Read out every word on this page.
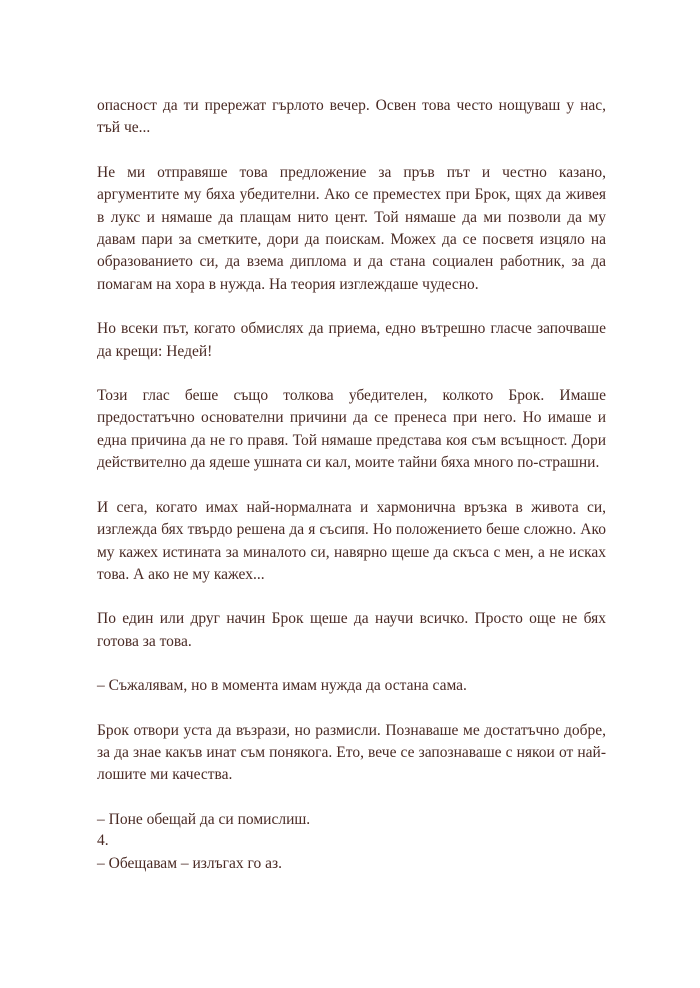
опасност да ти прережат гърлото вечер. Освен това често нощуваш у нас, тъй че...

Не ми отправяше това предложение за пръв път и честно казано, аргументите му бяха убедителни. Ако се преместех при Брок, щях да живея в лукс и нямаше да плащам нито цент. Той нямаше да ми позволи да му давам пари за сметките, дори да поискам. Можех да се посветя изцяло на образованието си, да взема диплома и да стана социален работник, за да помагам на хора в нужда. На теория изглеждаше чудесно.

Но всеки път, когато обмислях да приема, едно вътрешно гласче започваше да крещи: Недей!

Този глас беше също толкова убедителен, колкото Брок. Имаше предостатъчно основателни причини да се пренеса при него. Но имаше и една причина да не го правя. Той нямаше представа коя съм всъщност. Дори действително да ядеше ушната си кал, моите тайни бяха много по-страшни.

И сега, когато имах най-нормалната и хармонична връзка в живота си, изглежда бях твърдо решена да я съсипя. Но положението беше сложно. Ако му кажех истината за миналото си, навярно щеше да скъса с мен, а не исках това. А ако не му кажех...

По един или друг начин Брок щеше да научи всичко. Просто още не бях готова за това.

– Съжалявам, но в момента имам нужда да остана сама.

Брок отвори уста да възрази, но размисли. Познаваше ме достатъчно добре, за да знае какъв инат съм понякога. Ето, вече се запознаваше с някои от най-лошите ми качества.

– Поне обещай да си помислиш.

– Обещавам – излъгах го аз.

4.
